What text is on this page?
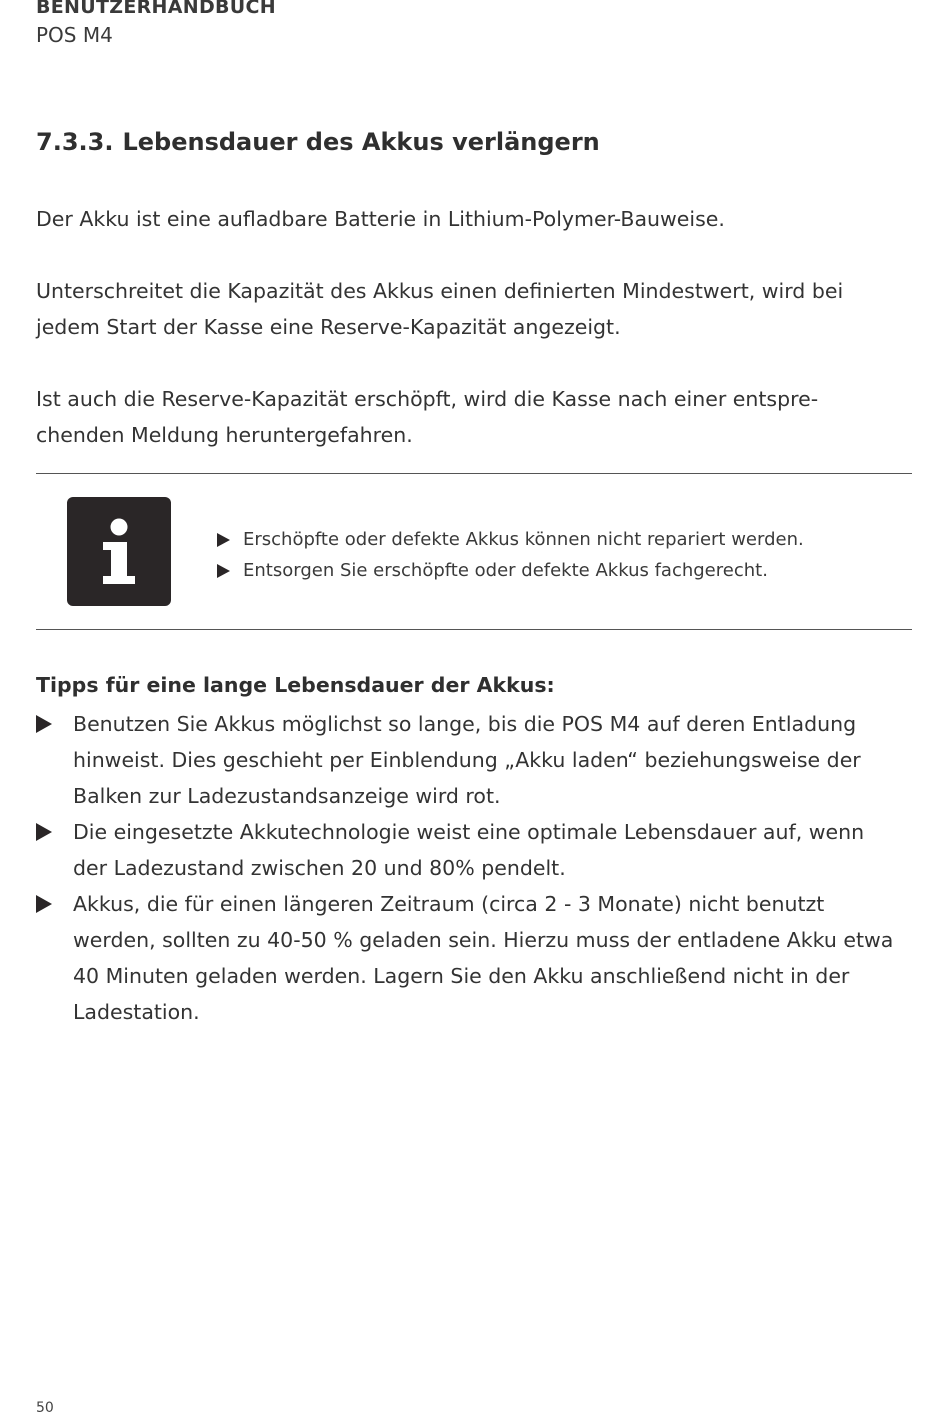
BENUTZERHANDBUCH
POS M4
7.3.3. Lebensdauer des Akkus verlängern

Der Akku ist eine aufladbare Batterie in Lithium-Polymer-Bauweise.

Unterschreitet die Kapazität des Akkus einen definierten Mindestwert, wird bei
jedem Start der Kasse eine Reserve-Kapazität angezeigt.

Ist auch die Reserve-Kapazität erschöpft, wird die Kasse nach einer entspre-
chenden Meldung heruntergefahren.

Erschöpfte oder defekte Akkus können nicht repariert werden.
Entsorgen Sie erschöpfte oder defekte Akkus fachgerecht.
Tipps für eine lange Lebensdauer der Akkus:
Benutzen Sie Akkus möglichst so lange, bis die POS M4 auf deren Entladung
hinweist. Dies geschieht per Einblendung „Akku laden“ beziehungsweise der
Balken zur Ladezustandsanzeige wird rot.
Die eingesetzte Akkutechnologie weist eine optimale Lebensdauer auf, wenn
der Ladezustand zwischen 20 und 80% pendelt.
Akkus, die für einen längeren Zeitraum (circa 2 - 3 Monate) nicht benutzt
werden, sollten zu 40-50 % geladen sein. Hierzu muss der entladene Akku etwa
40 Minuten geladen werden. Lagern Sie den Akku anschließend nicht in der
Ladestation.
50
